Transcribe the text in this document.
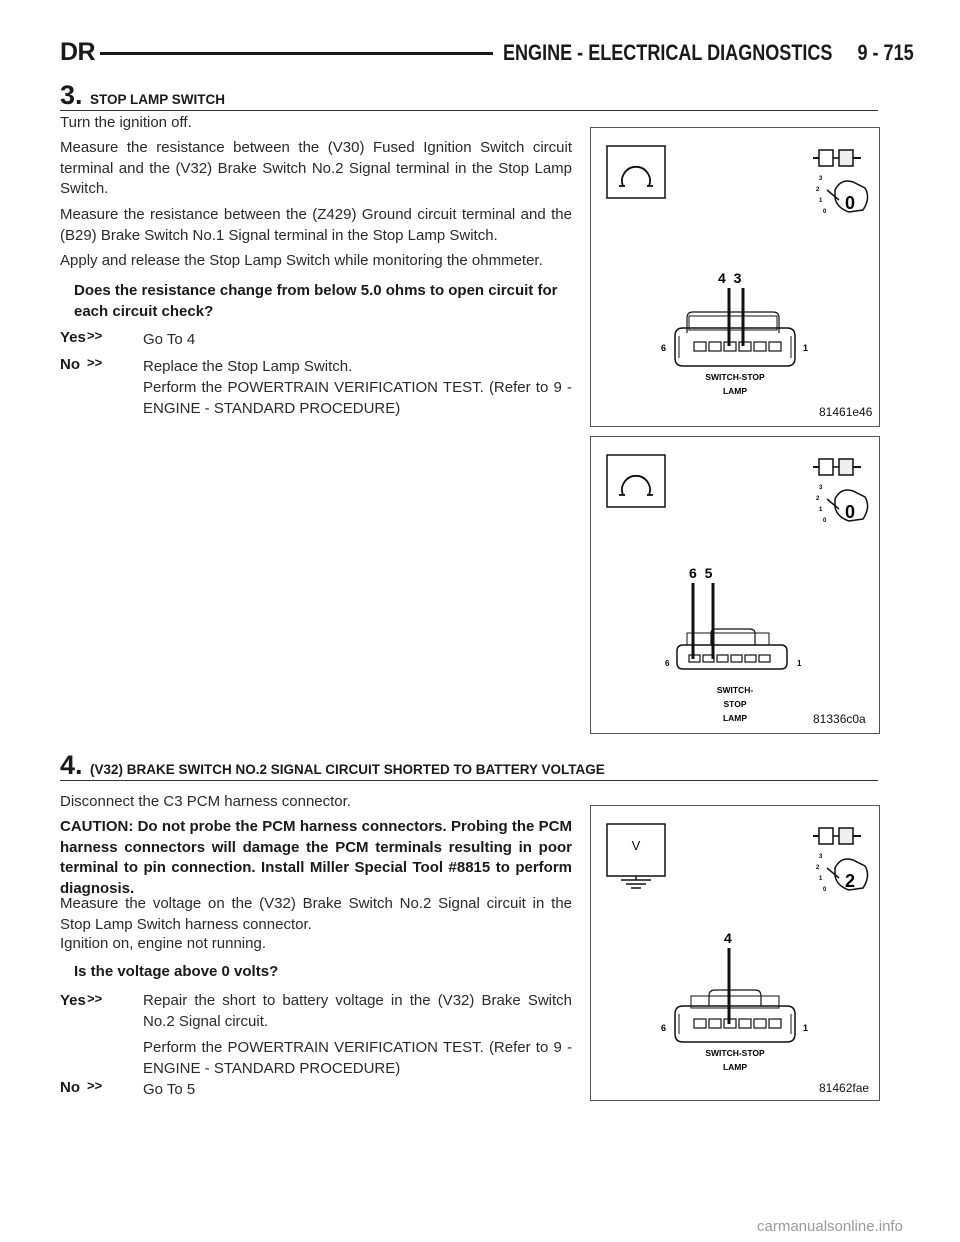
DR	ENGINE - ELECTRICAL DIAGNOSTICS     9 - 715
3. STOP LAMP SWITCH

Turn the ignition off.

Measure the resistance between the (V30) Fused Ignition Switch circuit terminal and the (V32) Brake Switch No.2 Signal terminal in the Stop Lamp Switch.

Measure the resistance between the (Z429) Ground circuit terminal and the (B29) Brake Switch No.1 Signal terminal in the Stop Lamp Switch.

Apply and release the Stop Lamp Switch while monitoring the ohmmeter.

Does the resistance change from below 5.0 ohms to open circuit for each circuit check?

Yes >>	Go To 4

No >>	Replace the Stop Lamp Switch.

Perform the POWERTRAIN VERIFICATION TEST. (Refer to 9 - ENGINE - STANDARD PROCEDURE)

3
2
1
0 0
4  3
6	1
SWITCH-STOP
LAMP
81461e46
3
2
1
0 0
6  5
6	1
SWITCH-
STOP
LAMP	81336c0a
4. (V32) BRAKE SWITCH NO.2 SIGNAL CIRCUIT SHORTED TO BATTERY VOLTAGE

Disconnect the C3 PCM harness connector.

CAUTION: Do not probe the PCM harness connectors. Probing the PCM harness connectors will damage the PCM terminals resulting in poor terminal to pin connection. Install Miller Special Tool #8815 to perform diagnosis.

Measure the voltage on the (V32) Brake Switch No.2 Signal circuit in the Stop Lamp Switch harness connector.

Ignition on, engine not running.

Is the voltage above 0 volts?

Yes >>	Repair the short to battery voltage in the (V32) Brake Switch No.2 Signal circuit.

Perform the POWERTRAIN VERIFICATION TEST. (Refer to 9 - ENGINE - STANDARD PROCEDURE)

No >>	Go To 5

V
3
2
1
0 2
4
6	1
SWITCH-STOP
LAMP
81462fae
carmanualsonline.info
